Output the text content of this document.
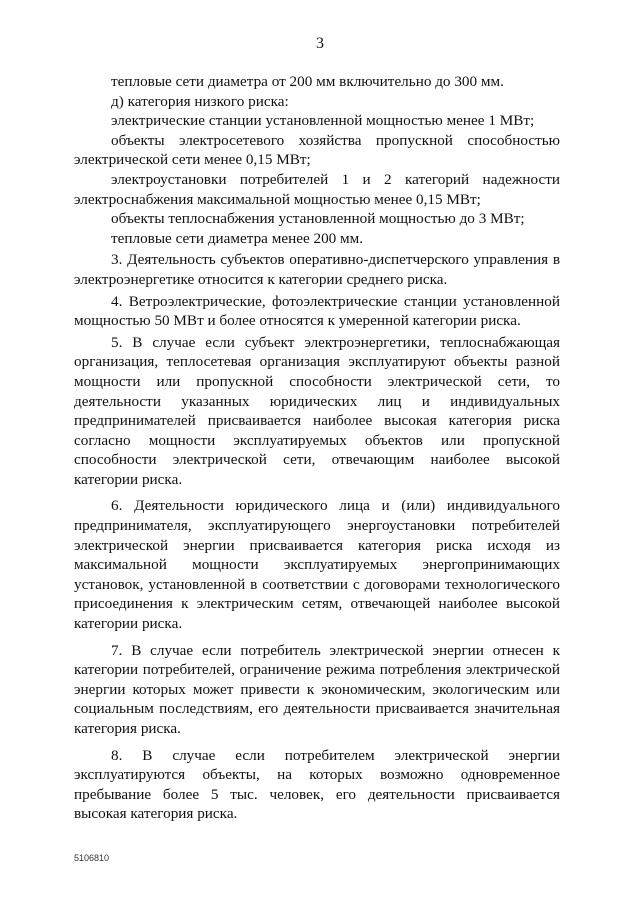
3

тепловые сети диаметра от 200 мм включительно до 300 мм.

д) категория низкого риска:

электрические станции установленной мощностью менее 1 МВт;

объекты электросетевого хозяйства пропускной способностью электрической сети менее 0,15 МВт;

электроустановки потребителей 1 и 2 категорий надежности электроснабжения максимальной мощностью менее 0,15 МВт;

объекты теплоснабжения установленной мощностью до 3 МВт;

тепловые сети диаметра менее 200 мм.

3. Деятельность субъектов оперативно-диспетчерского управления в электроэнергетике относится к категории среднего риска.

4. Ветроэлектрические, фотоэлектрические станции установленной мощностью 50 МВт и более относятся к умеренной категории риска.

5. В случае если субъект электроэнергетики, теплоснабжающая организация, теплосетевая организация эксплуатируют объекты разной мощности или пропускной способности электрической сети, то деятельности указанных юридических лиц и индивидуальных предпринимателей присваивается наиболее высокая категория риска согласно мощности эксплуатируемых объектов или пропускной способности электрической сети, отвечающим наиболее высокой категории риска.

6. Деятельности юридического лица и (или) индивидуального предпринимателя, эксплуатирующего энергоустановки потребителей электрической энергии присваивается категория риска исходя из максимальной мощности эксплуатируемых энергопринимающих установок, установленной в соответствии с договорами технологического присоединения к электрическим сетям, отвечающей наиболее высокой категории риска.

7. В случае если потребитель электрической энергии отнесен к категории потребителей, ограничение режима потребления электрической энергии которых может привести к экономическим, экологическим или социальным последствиям, его деятельности присваивается значительная категория риска.

8. В случае если потребителем электрической энергии эксплуатируются объекты, на которых возможно одновременное пребывание более 5 тыс. человек, его деятельности присваивается высокая категория риска.

5106810
